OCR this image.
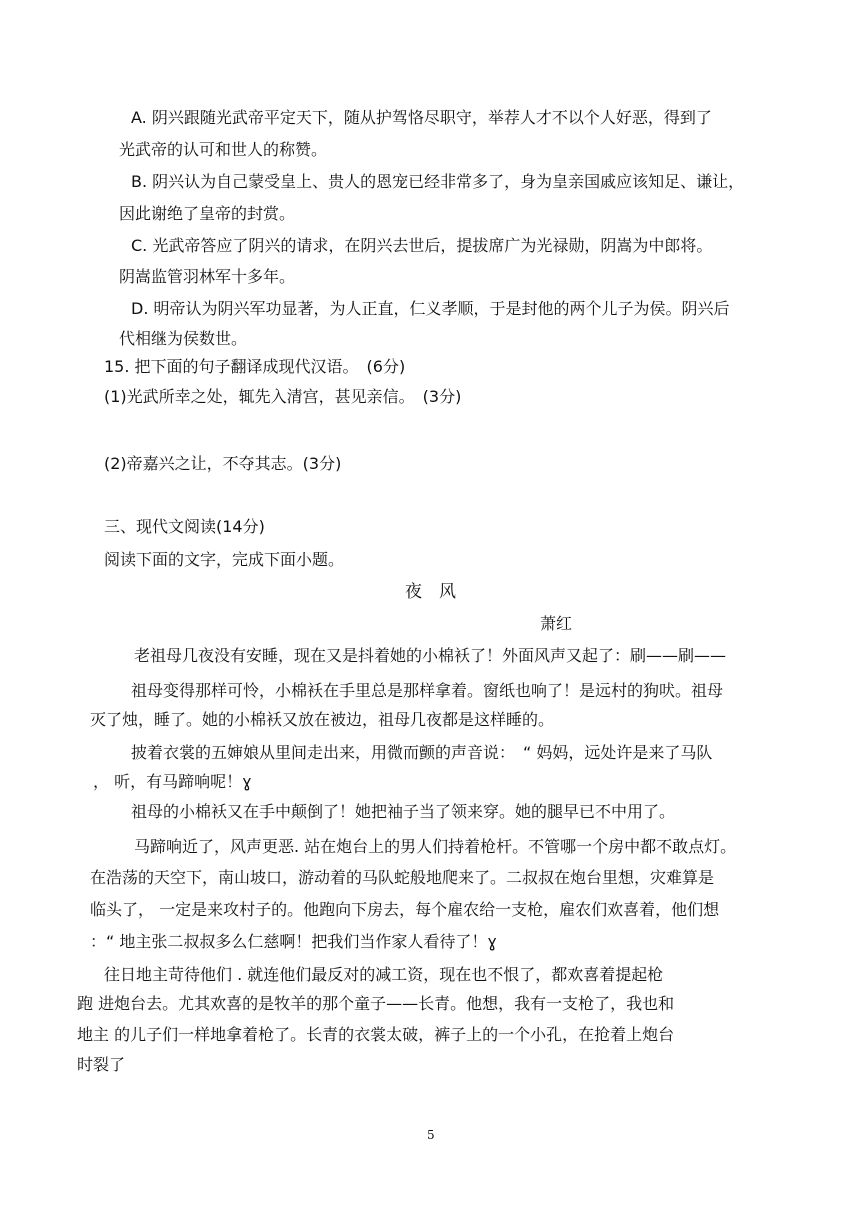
A. 阴兴跟随光武帝平定天下，随从护驾恪尽职守，举荐人才不以个人好恶，得到了

光武帝的认可和世人的称赞。

B. 阴兴认为自己蒙受皇上、贵人的恩宠已经非常多了，身为皇亲国戚应该知足、谦让，

因此谢绝了皇帝的封赏。

C. 光武帝答应了阴兴的请求，在阴兴去世后，提拔席广为光禄勋，阴嵩为中郎将。

阴嵩监管羽林军十多年。

D. 明帝认为阴兴军功显著，为人正直，仁义孝顺，于是封他的两个儿子为侯。阴兴后

代相继为侯数世。

15. 把下面的句子翻译成现代汉语。　(6分)

(1)光武所幸之处，辄先入清宫，甚见亲信。　(3分)

(2)帝嘉兴之让，不夺其志。(3分)

三、现代文阅读(14分)

阅读下面的文字，完成下面小题。

夜　风

萧红

老祖母几夜没有安睡，现在又是抖着她的小棉袄了！外面风声又起了：刷——刷——

祖母变得那样可怜，小棉袄在手里总是那样拿着。窗纸也响了！是远村的狗吠。祖母

灭了烛，睡了。她的小棉袄又放在被边，祖母几夜都是这样睡的。

披着衣裳的五婶娘从里间走出来，用微而颤的声音说：　“ 妈妈，远处许是来了马队

， 听，有马蹄响呢！ɣ

祖母的小棉袄又在手中颠倒了！她把袖子当了领来穿。她的腿早已不中用了。

马蹄响近了，风声更恶. 站在炮台上的男人们持着枪杆。不管哪一个房中都不敢点灯。

在浩荡的天空下，南山坡口，游动着的马队蛇般地爬来了。二叔叔在炮台里想，灾难算是

临头了， 一定是来攻村子的。他跑向下房去，每个雇农给一支枪，雇农们欢喜着，他们想

：“ 地主张二叔叔多么仁慈啊！把我们当作家人看待了！ɣ

往日地主苛待他们 . 就连他们最反对的减工资，现在也不恨了，都欢喜着提起枪

跑 进炮台去。尤其欢喜的是牧羊的那个童子——长青。他想，我有一支枪了，我也和

地主 的儿子们一样地拿着枪了。长青的衣裳太破，裤子上的一个小孔，在抢着上炮台

时裂了

5
